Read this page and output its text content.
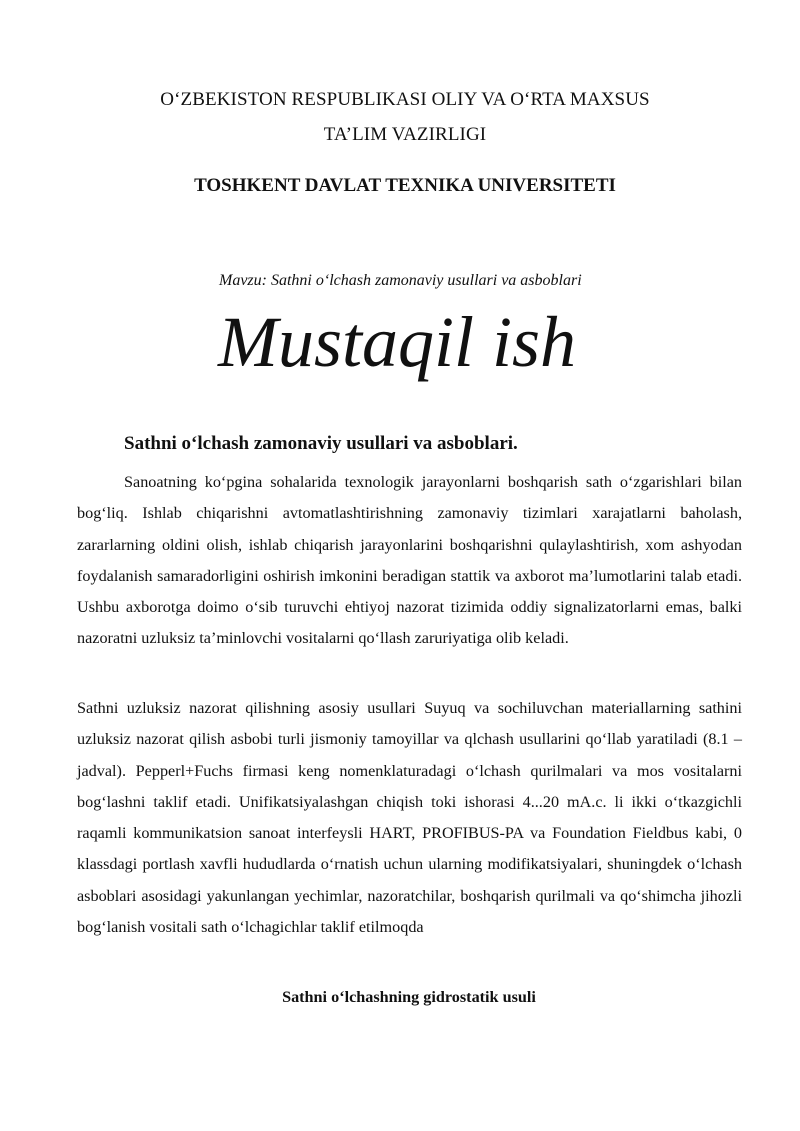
O‘ZBEKISTON RESPUBLIKASI OLIY VA O‘RTA MAXSUS
TA’LIM VAZIRLIGI
TOSHKENT DAVLAT TEXNIKA UNIVERSITETI
Mavzu: Sathni o‘lchash zamonaviy usullari va asboblari
Mustaqil ish
Sathni o‘lchash zamonaviy usullari va asboblari.

Sanoatning ko‘pgina sohalarida texnologik jarayonlarni boshqarish sath o‘zgarishlari bilan bog‘liq. Ishlab chiqarishni avtomatlashtirishning zamonaviy tizimlari xarajatlarni baholash, zararlarning oldini olish, ishlab chiqarish jarayonlarini boshqarishni qulaylashtirish, xom ashyodan foydalanish samaradorligini oshirish imkonini beradigan stattik va axborot ma’lumotlarini talab etadi. Ushbu axborotga doimo o‘sib turuvchi ehtiyoj nazorat tizimida oddiy signalizatorlarni emas, balki nazoratni uzluksiz ta’minlovchi vositalarni qo‘llash zaruriyatiga olib keladi.

Sathni uzluksiz nazorat qilishning asosiy usullari Suyuq va sochiluvchan materiallarning sathini uzluksiz nazorat qilish asbobi turli jismoniy tamoyillar va qlchash usullarini qo‘llab yaratiladi (8.1 – jadval). Pepperl+Fuchs firmasi keng nomenklaturadagi o‘lchash qurilmalari va mos vositalarni bog‘lashni taklif etadi. Unifikatsiyalashgan chiqish toki ishorasi 4...20 mA.c. li ikki o‘tkazgichli raqamli kommunikatsion sanoat interfeysli HART, PROFIBUS-PA va Foundation Fieldbus kabi, 0 klassdagi portlash xavfli hududlarda o‘rnatish uchun ularning modifikatsiyalari, shuningdek o‘lchash asboblari asosidagi yakunlangan yechimlar, nazoratchilar, boshqarish qurilmali va qo‘shimcha jihozli bog‘lanish vositali sath o‘lchagichlar taklif etilmoqda

Sathni o‘lchashning gidrostatik usuli
